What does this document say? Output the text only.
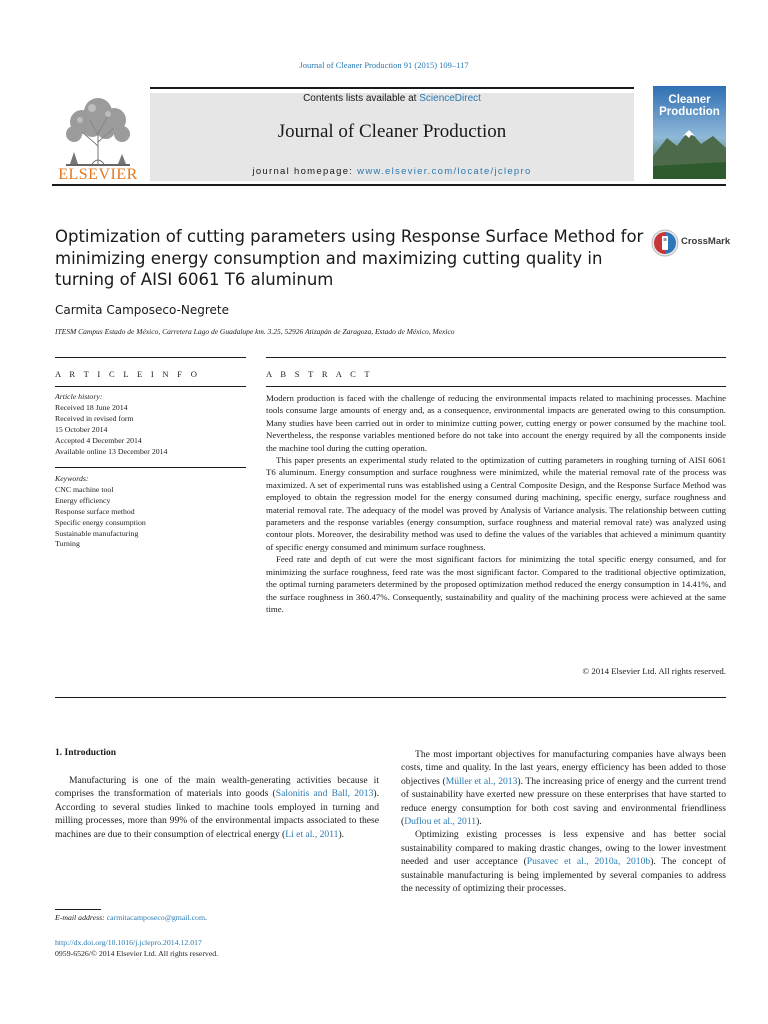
Journal of Cleaner Production 91 (2015) 109–117
ELSEVIER
Contents lists available at ScienceDirect
Journal of Cleaner Production
journal homepage: www.elsevier.com/locate/jclepro
Cleaner
Production
Optimization of cutting parameters using Response Surface Method for minimizing energy consumption and maximizing cutting quality in turning of AISI 6061 T6 aluminum
CrossMark
Carmita Camposeco-Negrete
ITESM Campus Estado de México, Carretera Lago de Guadalupe km. 3.25, 52926 Atizapán de Zaragoza, Estado de México, Mexico
A R T I C L E I N F O	A B S T R A C T
Article history:
Received 18 June 2014
Received in revised form
15 October 2014
Accepted 4 December 2014
Available online 13 December 2014
Keywords:
CNC machine tool
Energy efficiency
Response surface method
Specific energy consumption
Sustainable manufacturing
Turning

Modern production is faced with the challenge of reducing the environmental impacts related to machining processes. Machine tools consume large amounts of energy and, as a consequence, environmental impacts are generated owing to this consumption. Many studies have been carried out in order to minimize cutting power, cutting energy or power consumed by the machine tool. Nevertheless, the response variables mentioned before do not take into account the energy required by all the components inside the machine tool during the cutting operation.

This paper presents an experimental study related to the optimization of cutting parameters in roughing turning of AISI 6061 T6 aluminum. Energy consumption and surface roughness were minimized, while the material removal rate of the process was maximized. A set of experimental runs was established using a Central Composite Design, and the Response Surface Method was employed to obtain the regression model for the energy consumed during machining, specific energy, surface roughness and material removal rate. The adequacy of the model was proved by Analysis of Variance analysis. The relationship between cutting parameters and the response variables (energy consumption, surface roughness and material removal rate) was analyzed using contour plots. Moreover, the desirability method was used to define the values of the variables that achieved a minimum quantity of specific energy consumed and minimum surface roughness.

Feed rate and depth of cut were the most significant factors for minimizing the total specific energy consumed, and for minimizing the surface roughness, feed rate was the most significant factor. Compared to the traditional objective optimization, the optimal turning parameters determined by the proposed optimization method reduced the energy consumption in 14.41%, and the surface roughness in 360.47%. Consequently, sustainability and quality of the machining process were achieved at the same time.

© 2014 Elsevier Ltd. All rights reserved.
1. Introduction

Manufacturing is one of the main wealth-generating activities because it comprises the transformation of materials into goods (Salonitis and Ball, 2013). According to several studies linked to machine tools employed in turning and milling processes, more than 99% of the environmental impacts associated to these machines are due to their consumption of electrical energy (Li et al., 2011).

The most important objectives for manufacturing companies have always been costs, time and quality. In the last years, energy efficiency has been added to those objectives (Müller et al., 2013). The increasing price of energy and the current trend of sustainability have exerted new pressure on these enterprises that have started to reduce energy consumption for both cost saving and environmental friendliness (Duflou et al., 2011).

Optimizing existing processes is less expensive and has better social sustainability compared to making drastic changes, owing to the lower investment needed and user acceptance (Pusavec et al., 2010a, 2010b). The concept of sustainable manufacturing is being implemented by several companies to address the necessity of optimizing their processes.

E-mail address: carmitacamposeco@gmail.com.
http://dx.doi.org/10.1016/j.jclepro.2014.12.017
0959-6526/© 2014 Elsevier Ltd. All rights reserved.
